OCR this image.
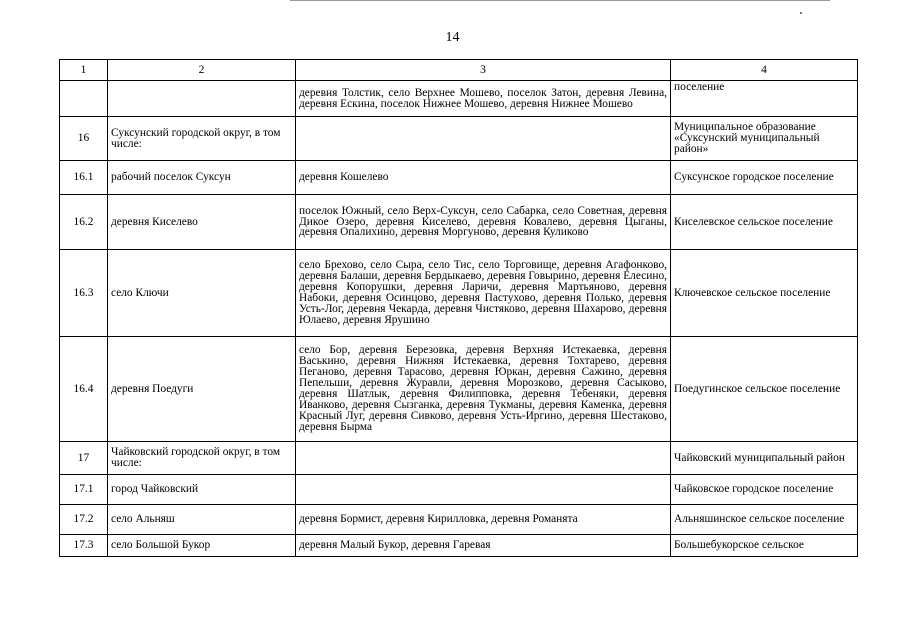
14
1	2	3	4
		деревня Толстик, село Верхнее Мошево, поселок Затон, деревня Левина, деревня Ескина, поселок Нижнее Мошево, деревня Нижнее Мошево	поселение
16	Суксунский городской округ, в том числе:		Муниципальное образование «Суксунский муниципальный район»
16.1	рабочий поселок Суксун	деревня Кошелево	Суксунское городское поселение
16.2	деревня Киселево	поселок Южный, село Верх-Суксун, село Сабарка, село Советная, деревня Дикое Озеро, деревня Киселево, деревня Ковалево, деревня Цыганы, деревня Опалихино, деревня Моргуново, деревня Куликово	Киселевское сельское поселение
16.3	село Ключи	село Брехово, село Сыра, село Тис, село Торговище, деревня Агафонково, деревня Балаши, деревня Бердыкаево, деревня Говырино, деревня Елесино, деревня Копорушки, деревня Ларичи, деревня Мартьяново, деревня Набоки, деревня Осинцово, деревня Пастухово, деревня Полько, деревня Усть-Лог, деревня Чекарда, деревня Чистяково, деревня Шахарово, деревня Юлаево, деревня Ярушино	Ключевское сельское поселение
16.4	деревня Поедуги	село Бор, деревня Березовка, деревня Верхняя Истекаевка, деревня Васькино, деревня Нижняя Истекаевка, деревня Тохтарево, деревня Пеганово, деревня Тарасово, деревня Юркан, деревня Сажино, деревня Пепельши, деревня Журавли, деревня Морозково, деревня Сасыково, деревня Шатлык, деревня Филипповка, деревня Тебеняки, деревня Иванково, деревня Сызганка, деревня Тукманы, деревня Каменка, деревня Красный Луг, деревня Сивково, деревня Усть-Иргино, деревня Шестаково, деревня Бырма	Поедугинское сельское поселение
17	Чайковский городской округ, в том числе:		Чайковский муниципальный район
17.1	город Чайковский		Чайковское городское поселение
17.2	село Альняш	деревня Бормист, деревня Кирилловка, деревня Романята	Альняшинское сельское поселение
17.3	село Большой Букор	деревня Малый Букор, деревня Гаревая	Большебукорское сельское
